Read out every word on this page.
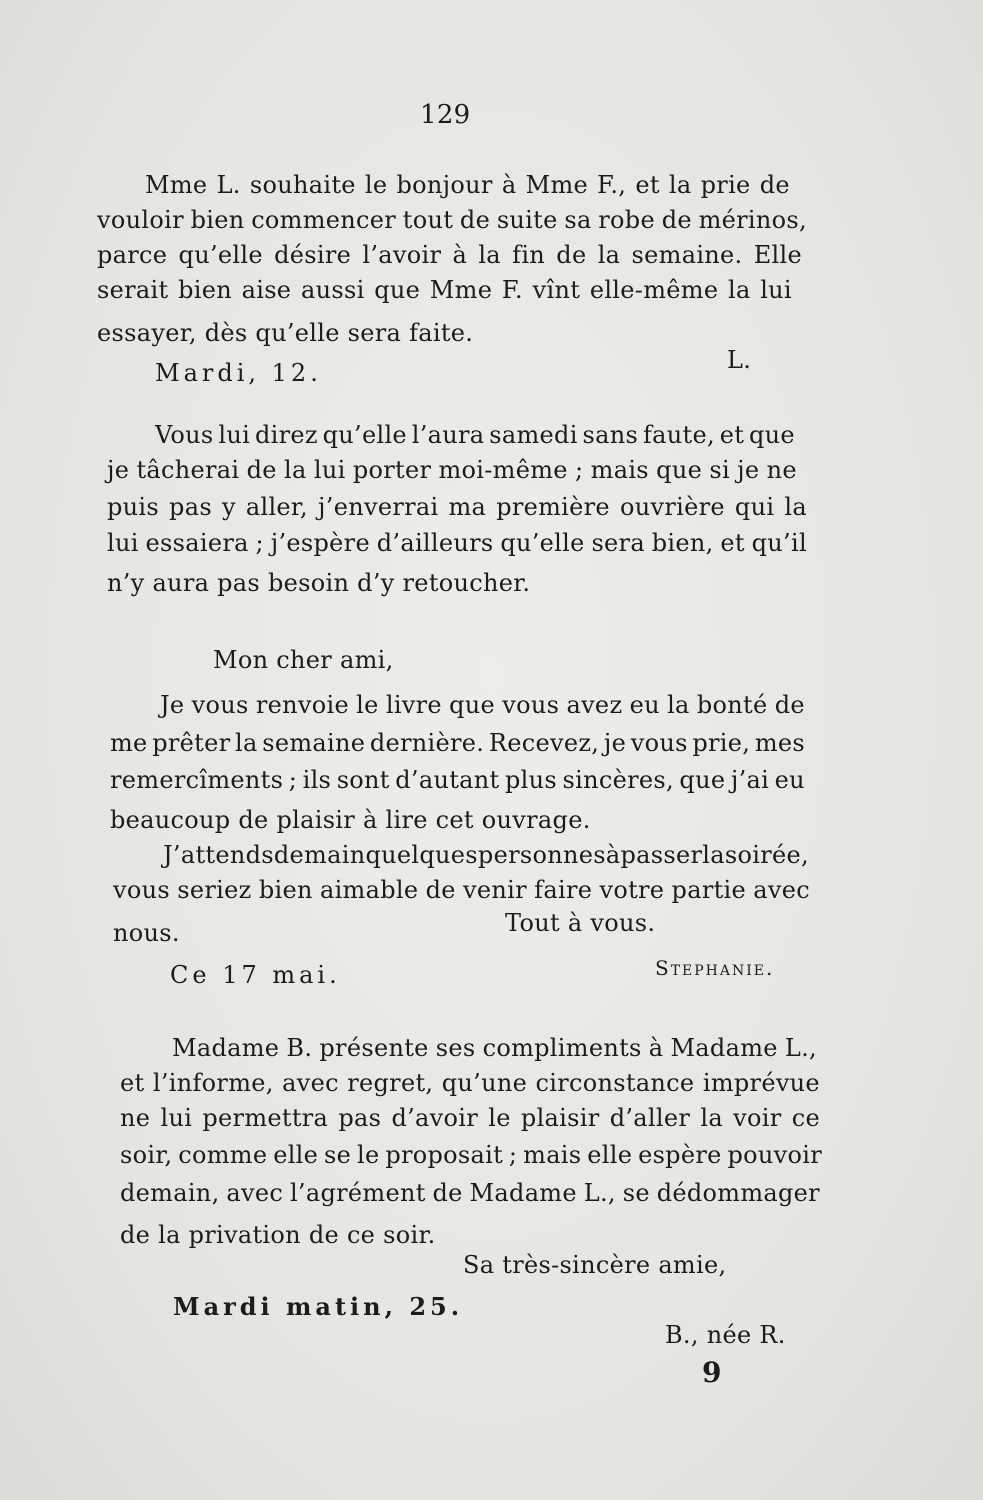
129
Mme L. souhaite le bonjour à Mme F., et la prie de
vouloir bien commencer tout de suite sa robe de mérinos,
parce qu’elle désire l’avoir à la fin de la semaine. Elle
serait bien aise aussi que Mme F. vînt elle-même la lui
essayer, dès qu’elle sera faite.
Mardi, 12.	L.
Vous lui direz qu’elle l’aura samedi sans faute, et que
je tâcherai de la lui porter moi-même ; mais que si je ne
puis pas y aller, j’enverrai ma première ouvrière qui la
lui essaiera ; j’espère d’ailleurs qu’elle sera bien, et qu’il
n’y aura pas besoin d’y retoucher.
Mon cher ami,
Je vous renvoie le livre que vous avez eu la bonté de
me prêter la semaine dernière. Recevez, je vous prie, mes
remercîments ; ils sont d’autant plus sincères, que j’ai eu
beaucoup de plaisir à lire cet ouvrage.
J’attends demain quelques personnes à passer la soirée,
vous seriez bien aimable de venir faire votre partie avec
nous.	Tout à vous.
Ce 17 mai.	Stephanie.
Madame B. présente ses compliments à Madame L.,
et l’informe, avec regret, qu’une circonstance imprévue
ne lui permettra pas d’avoir le plaisir d’aller la voir ce
soir, comme elle se le proposait ; mais elle espère pouvoir
demain, avec l’agrément de Madame L., se dédommager
de la privation de ce soir.
Sa très-sincère amie,
Mardi matin, 25.
B., née R.
9
